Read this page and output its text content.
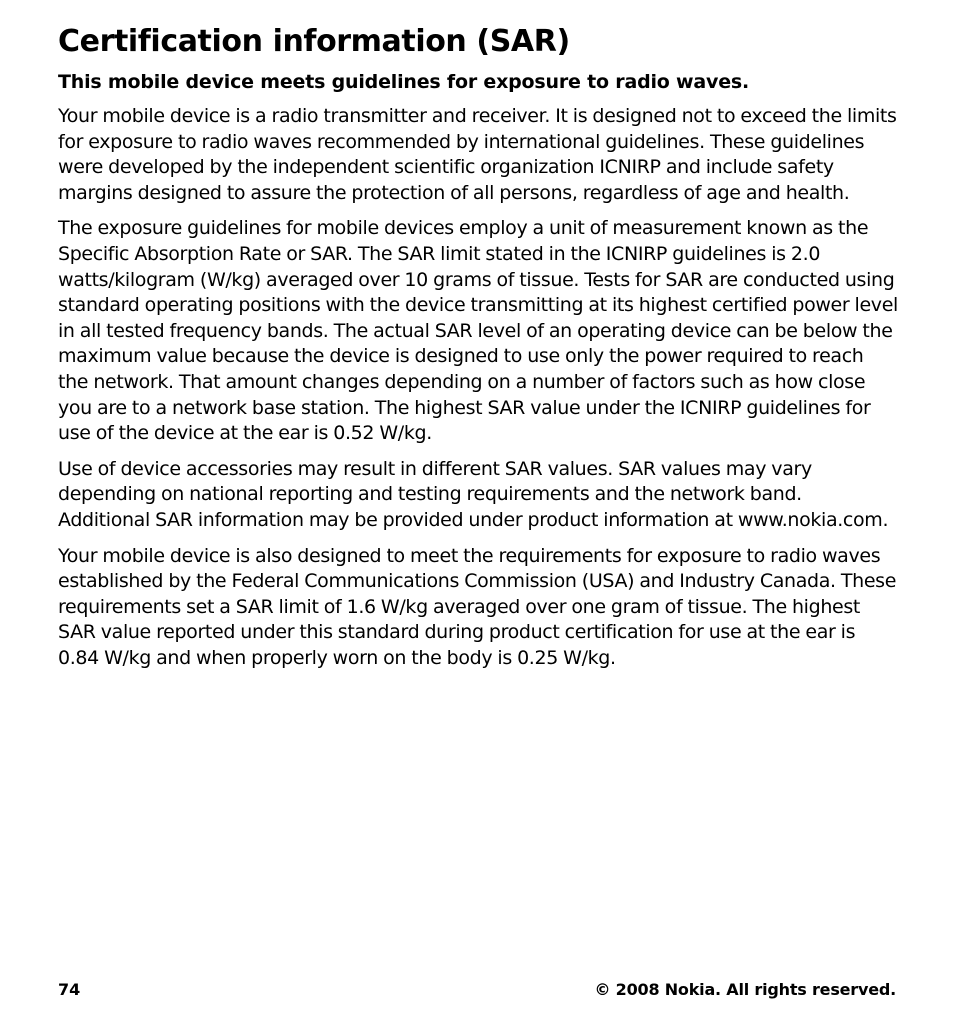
Certification information (SAR)

This mobile device meets guidelines for exposure to radio waves.

Your mobile device is a radio transmitter and receiver. It is designed not to exceed the limits for exposure to radio waves recommended by international guidelines. These guidelines were developed by the independent scientific organization ICNIRP and include safety margins designed to assure the protection of all persons, regardless of age and health.

The exposure guidelines for mobile devices employ a unit of measurement known as the Specific Absorption Rate or SAR. The SAR limit stated in the ICNIRP guidelines is 2.0 watts/kilogram (W/kg) averaged over 10 grams of tissue. Tests for SAR are conducted using standard operating positions with the device transmitting at its highest certified power level in all tested frequency bands. The actual SAR level of an operating device can be below the maximum value because the device is designed to use only the power required to reach the network. That amount changes depending on a number of factors such as how close you are to a network base station. The highest SAR value under the ICNIRP guidelines for use of the device at the ear is 0.52 W/kg.

Use of device accessories may result in different SAR values. SAR values may vary depending on national reporting and testing requirements and the network band. Additional SAR information may be provided under product information at www.nokia.com.

Your mobile device is also designed to meet the requirements for exposure to radio waves established by the Federal Communications Commission (USA) and Industry Canada. These requirements set a SAR limit of 1.6 W/kg averaged over one gram of tissue. The highest SAR value reported under this standard during product certification for use at the ear is 0.84 W/kg and when properly worn on the body is 0.25 W/kg.

74	© 2008 Nokia. All rights reserved.
